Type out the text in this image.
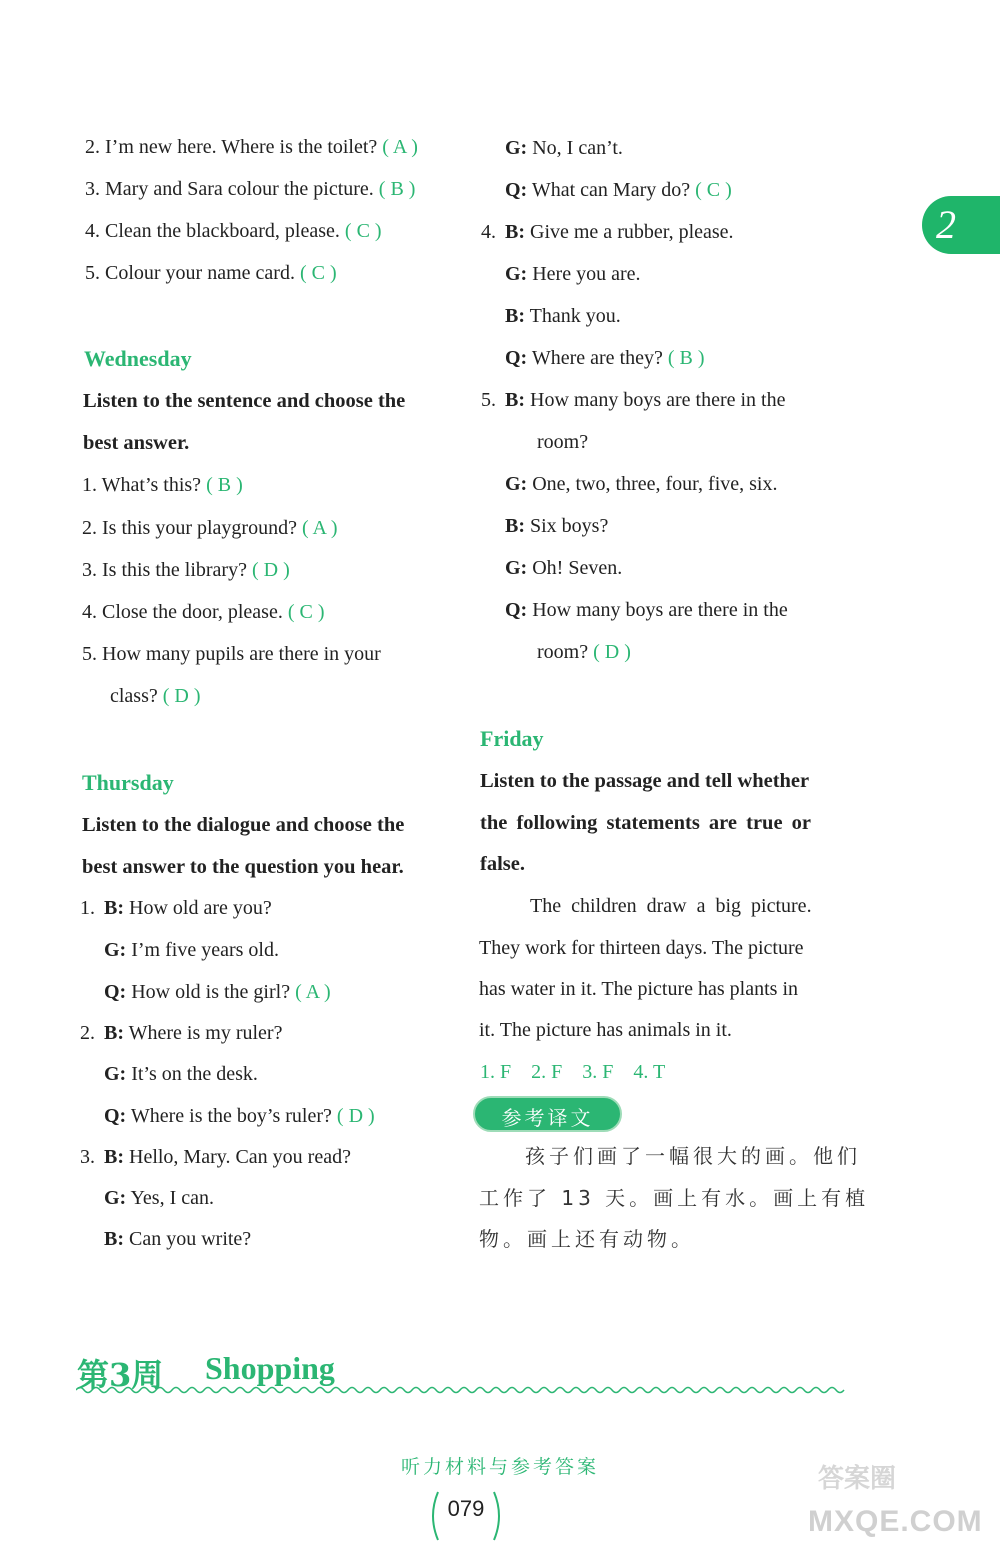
2
2. I’m new here. Where is the toilet? ( A )
3. Mary and Sara colour the picture. ( B )
4. Clean the blackboard, please. ( C )
5. Colour your name card. ( C )
Wednesday
Listen to the sentence and choose the
best answer.
1. What’s this? ( B )
2. Is this your playground? ( A )
3. Is this the library? ( D )
4. Close the door, please. ( C )
5. How many pupils are there in your
class? ( D )
Thursday
Listen to the dialogue and choose the
best answer to the question you hear.
1. B: How old are you?
G: I’m five years old.
Q: How old is the girl? ( A )
2. B: Where is my ruler?
G: It’s on the desk.
Q: Where is the boy’s ruler? ( D )
3. B: Hello, Mary. Can you read?
G: Yes, I can.
B: Can you write?
G: No, I can’t.
Q: What can Mary do? ( C )
4. B: Give me a rubber, please.
G: Here you are.
B: Thank you.
Q: Where are they? ( B )
5. B: How many boys are there in the
room?
G: One, two, three, four, five, six.
B: Six boys?
G: Oh! Seven.
Q: How many boys are there in the
room? ( D )
Friday
Listen to the passage and tell whether
the following statements are true or
false.
The children draw a big picture.
They work for thirteen days. The picture
has water in it. The picture has plants in
it. The picture has animals in it.
1. F    2. F    3. F    4. T
参考译文
孩子们画了一幅很大的画。他们
工作了 13 天。画上有水。画上有植
物。画上还有动物。
第3周 Shopping
听力材料与参考答案
079
答案圈
MXQE.COM
